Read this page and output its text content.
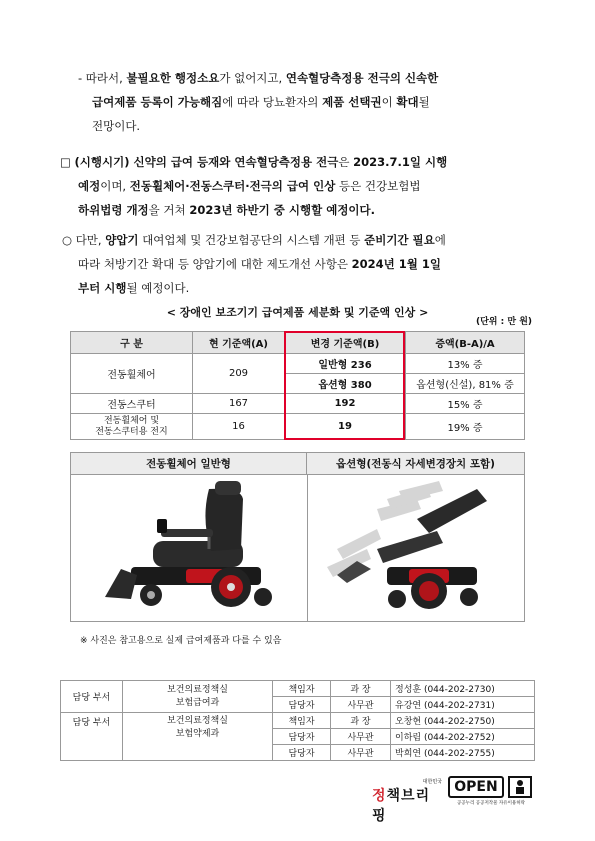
- 따라서, 불필요한 행정소요가 없어지고, 연속혈당측정용 전극의 신속한
급여제품 등록이 가능해짐에 따라 당뇨환자의 제품 선택권이 확대될
전망이다.
□ (시행시기) 신약의 급여 등재와 연속혈당측정용 전극은 2023.7.1일 시행
예정이며, 전동휠체어·전동스쿠터·전극의 급여 인상 등은 건강보험법
하위법령 개정을 거쳐 2023년 하반기 중 시행할 예정이다.
○ 다만, 양압기 대여업체 및 건강보험공단의 시스템 개편 등 준비기간 필요에
따라 처방기간 확대 등 양압기에 대한 제도개선 사항은 2024년 1월 1일
부터 시행될 예정이다.
< 장애인 보조기기 급여제품 세분화 및 기준액 인상 >
(단위 : 만 원)
구 분	현 기준액(A)	변경 기준액(B)	증액(B-A)/A
전동휠체어	209	일반형 236	13% 증
		옵션형 380	옵션형(신설), 81% 증
전동스쿠터	167	192	15% 증

전동휠체어 및
전동스쿠터용 전지	16	19	19% 증
전동휠체어 일반형	옵션형(전동식 자세변경장치 포함)
※ 사진은 참고용으로 실제 급여제품과 다를 수 있음
담당 부서	보건의료정책실
보험급여과	책임자	과 장	정성훈 (044-202-2730)
		담당자	사무관	유강연 (044-202-2731)
담당 부서	보건의료정책실
보험약제과	책임자	과 장	오창현 (044-202-2750)
		담당자	사무관	이하림 (044-202-2752)
		담당자	사무관	박희연 (044-202-2755)
대한민국
정책브리핑
OPEN
공공누리 공공저작물 자유이용허락
